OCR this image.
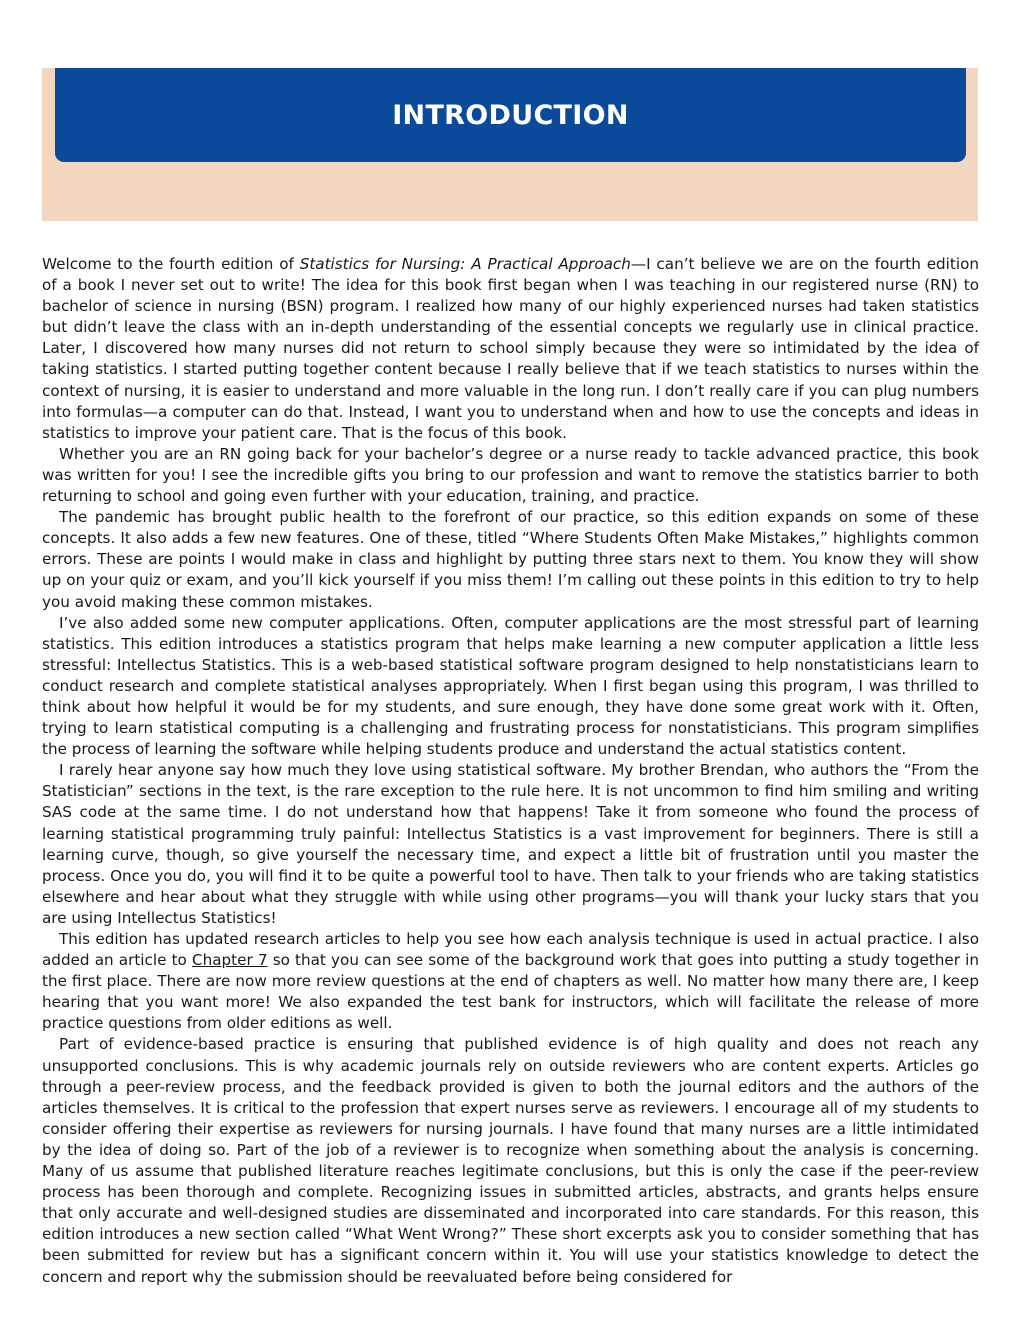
INTRODUCTION

Welcome to the fourth edition of Statistics for Nursing: A Practical Approach—I can’t believe we are on the fourth edition of a book I never set out to write! The idea for this book first began when I was teaching in our registered nurse (RN) to bachelor of science in nursing (BSN) program. I realized how many of our highly experienced nurses had taken statistics but didn’t leave the class with an in-depth understanding of the essential concepts we regularly use in clinical practice. Later, I discovered how many nurses did not return to school simply because they were so intimidated by the idea of taking statistics. I started putting together content because I really believe that if we teach statistics to nurses within the context of nursing, it is easier to understand and more valuable in the long run. I don’t really care if you can plug numbers into formulas—a computer can do that. Instead, I want you to understand when and how to use the concepts and ideas in statistics to improve your patient care. That is the focus of this book.

Whether you are an RN going back for your bachelor’s degree or a nurse ready to tackle advanced practice, this book was written for you! I see the incredible gifts you bring to our profession and want to remove the statistics barrier to both returning to school and going even further with your education, training, and practice.

The pandemic has brought public health to the forefront of our practice, so this edition expands on some of these concepts. It also adds a few new features. One of these, titled “Where Students Often Make Mistakes,” highlights common errors. These are points I would make in class and highlight by putting three stars next to them. You know they will show up on your quiz or exam, and you’ll kick yourself if you miss them! I’m calling out these points in this edition to try to help you avoid making these common mistakes.

I’ve also added some new computer applications. Often, computer applications are the most stressful part of learning statistics. This edition introduces a statistics program that helps make learning a new computer application a little less stressful: Intellectus Statistics. This is a web-based statistical software program designed to help nonstatisticians learn to conduct research and complete statistical analyses appropriately. When I first began using this program, I was thrilled to think about how helpful it would be for my students, and sure enough, they have done some great work with it. Often, trying to learn statistical computing is a challenging and frustrating process for nonstatisticians. This program simplifies the process of learning the software while helping students produce and understand the actual statistics content.

I rarely hear anyone say how much they love using statistical software. My brother Brendan, who authors the “From the Statistician” sections in the text, is the rare exception to the rule here. It is not uncommon to find him smiling and writing SAS code at the same time. I do not understand how that happens! Take it from someone who found the process of learning statistical programming truly painful: Intellectus Statistics is a vast improvement for beginners. There is still a learning curve, though, so give yourself the necessary time, and expect a little bit of frustration until you master the process. Once you do, you will find it to be quite a powerful tool to have. Then talk to your friends who are taking statistics elsewhere and hear about what they struggle with while using other programs—you will thank your lucky stars that you are using Intellectus Statistics!

This edition has updated research articles to help you see how each analysis technique is used in actual practice. I also added an article to Chapter 7 so that you can see some of the background work that goes into putting a study together in the first place. There are now more review questions at the end of chapters as well. No matter how many there are, I keep hearing that you want more! We also expanded the test bank for instructors, which will facilitate the release of more practice questions from older editions as well.

Part of evidence-based practice is ensuring that published evidence is of high quality and does not reach any unsupported conclusions. This is why academic journals rely on outside reviewers who are content experts. Articles go through a peer-review process, and the feedback provided is given to both the journal editors and the authors of the articles themselves. It is critical to the profession that expert nurses serve as reviewers. I encourage all of my students to consider offering their expertise as reviewers for nursing journals. I have found that many nurses are a little intimidated by the idea of doing so. Part of the job of a reviewer is to recognize when something about the analysis is concerning. Many of us assume that published literature reaches legitimate conclusions, but this is only the case if the peer-review process has been thorough and complete. Recognizing issues in submitted articles, abstracts, and grants helps ensure that only accurate and well-designed studies are disseminated and incorporated into care standards. For this reason, this edition introduces a new section called “What Went Wrong?” These short excerpts ask you to consider something that has been submitted for review but has a significant concern within it. You will use your statistics knowledge to detect the concern and report why the submission should be reevaluated before being considered for
